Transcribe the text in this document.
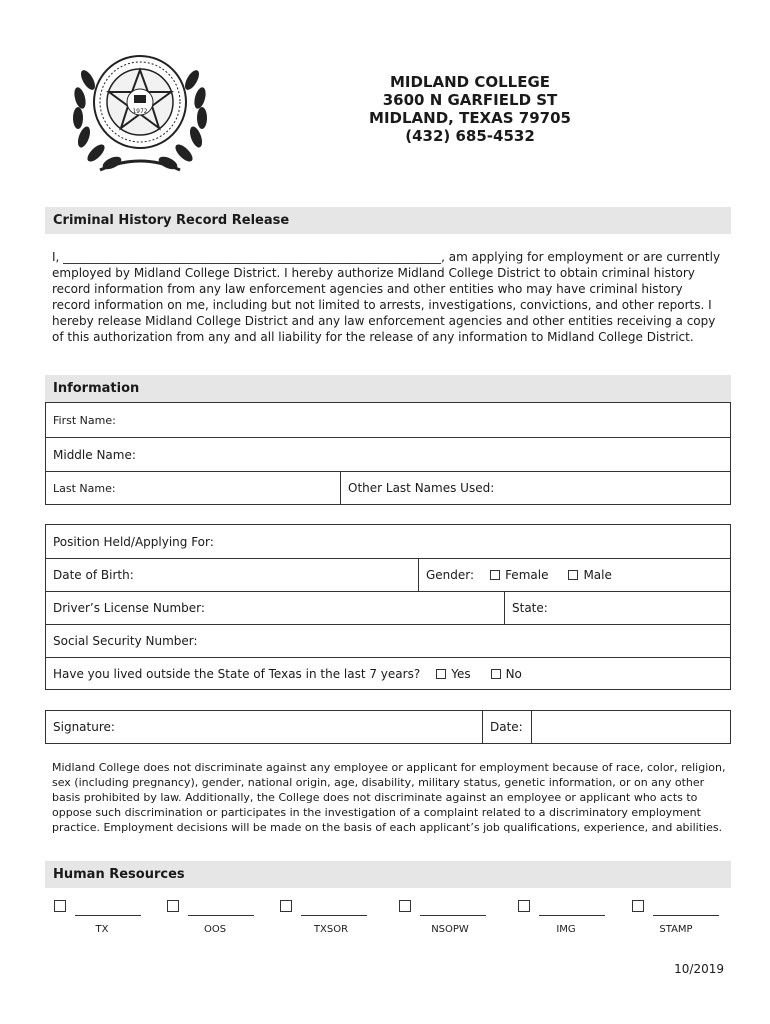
1972
MIDLAND COLLEGE
3600 N GARFIELD ST
MIDLAND, TEXAS 79705
(432) 685-4532
Criminal History Record Release
I, _______________________________________________________________, am applying for employment or are currently employed by Midland College District. I hereby authorize Midland College District to obtain criminal history record information from any law enforcement agencies and other entities who may have criminal history record information on me, including but not limited to arrests, investigations, convictions, and other reports. I hereby release Midland College District and any law enforcement agencies and other entities receiving a copy of this authorization from any and all liability for the release of any information to Midland College District.
Information
First Name:
Middle Name:
Last Name:	Other Last Names Used:
Position Held/Applying For:
Date of Birth:	Gender:	Female	Male
Driver’s License Number:	State:
Social Security Number:
Have you lived outside the State of Texas in the last 7 years?	Yes	No
Signature:	Date:
Midland College does not discriminate against any employee or applicant for employment because of race, color, religion, sex (including pregnancy), gender, national origin, age, disability, military status, genetic information, or on any other basis prohibited by law. Additionally, the College does not discriminate against an employee or applicant who acts to oppose such discrimination or participates in the investigation of a complaint related to a discriminatory employment practice. Employment decisions will be made on the basis of each applicant’s job qualifications, experience, and abilities.
Human Resources
TX	OOS	TXSOR	NSOPW	IMG	STAMP
10/2019
